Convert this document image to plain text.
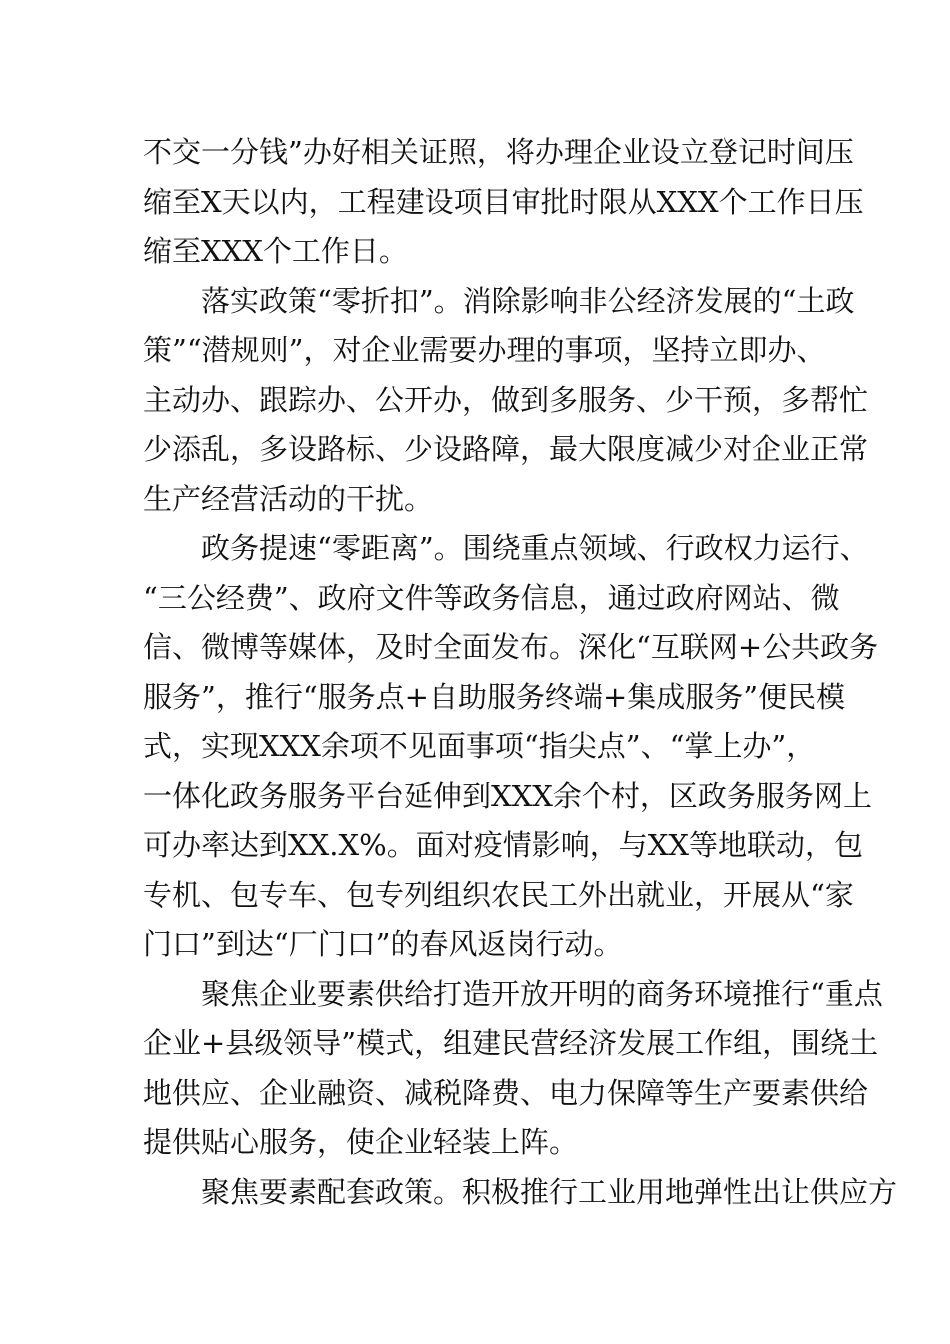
不交一分钱”办好相关证照，将办理企业设立登记时间压
缩至X天以内，工程建设项目审批时限从XXX个工作日压
缩至XXX个工作日。

落实政策“零折扣”。消除影响非公经济发展的“土政
策”“潜规则”，对企业需要办理的事项，坚持立即办、
主动办、跟踪办、公开办，做到多服务、少干预，多帮忙
少添乱，多设路标、少设路障，最大限度减少对企业正常
生产经营活动的干扰。

政务提速“零距离”。围绕重点领域、行政权力运行、
“三公经费”、政府文件等政务信息，通过政府网站、微
信、微博等媒体，及时全面发布。深化“互联网+公共政务
服务”，推行“服务点+自助服务终端+集成服务”便民模
式，实现XXX余项不见面事项“指尖点”、“掌上办”，
一体化政务服务平台延伸到XXX余个村，区政务服务网上
可办率达到XX.X%。面对疫情影响，与XX等地联动，包
专机、包专车、包专列组织农民工外出就业，开展从“家
门口”到达“厂门口”的春风返岗行动。

聚焦企业要素供给打造开放开明的商务环境推行“重点
企业+县级领导”模式，组建民营经济发展工作组，围绕土
地供应、企业融资、减税降费、电力保障等生产要素供给
提供贴心服务，使企业轻装上阵。

聚焦要素配套政策。积极推行工业用地弹性出让供应方
